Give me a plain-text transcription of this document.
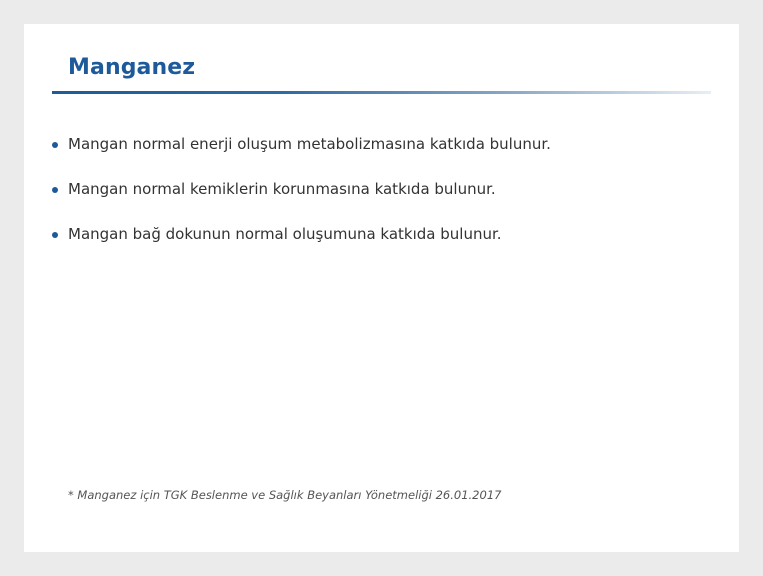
Manganez
Mangan normal enerji oluşum metabolizmasına katkıda bulunur.
Mangan normal kemiklerin korunmasına katkıda bulunur.
Mangan bağ dokunun normal oluşumuna katkıda bulunur.
* Manganez için TGK Beslenme ve Sağlık Beyanları Yönetmeliği 26.01.2017
